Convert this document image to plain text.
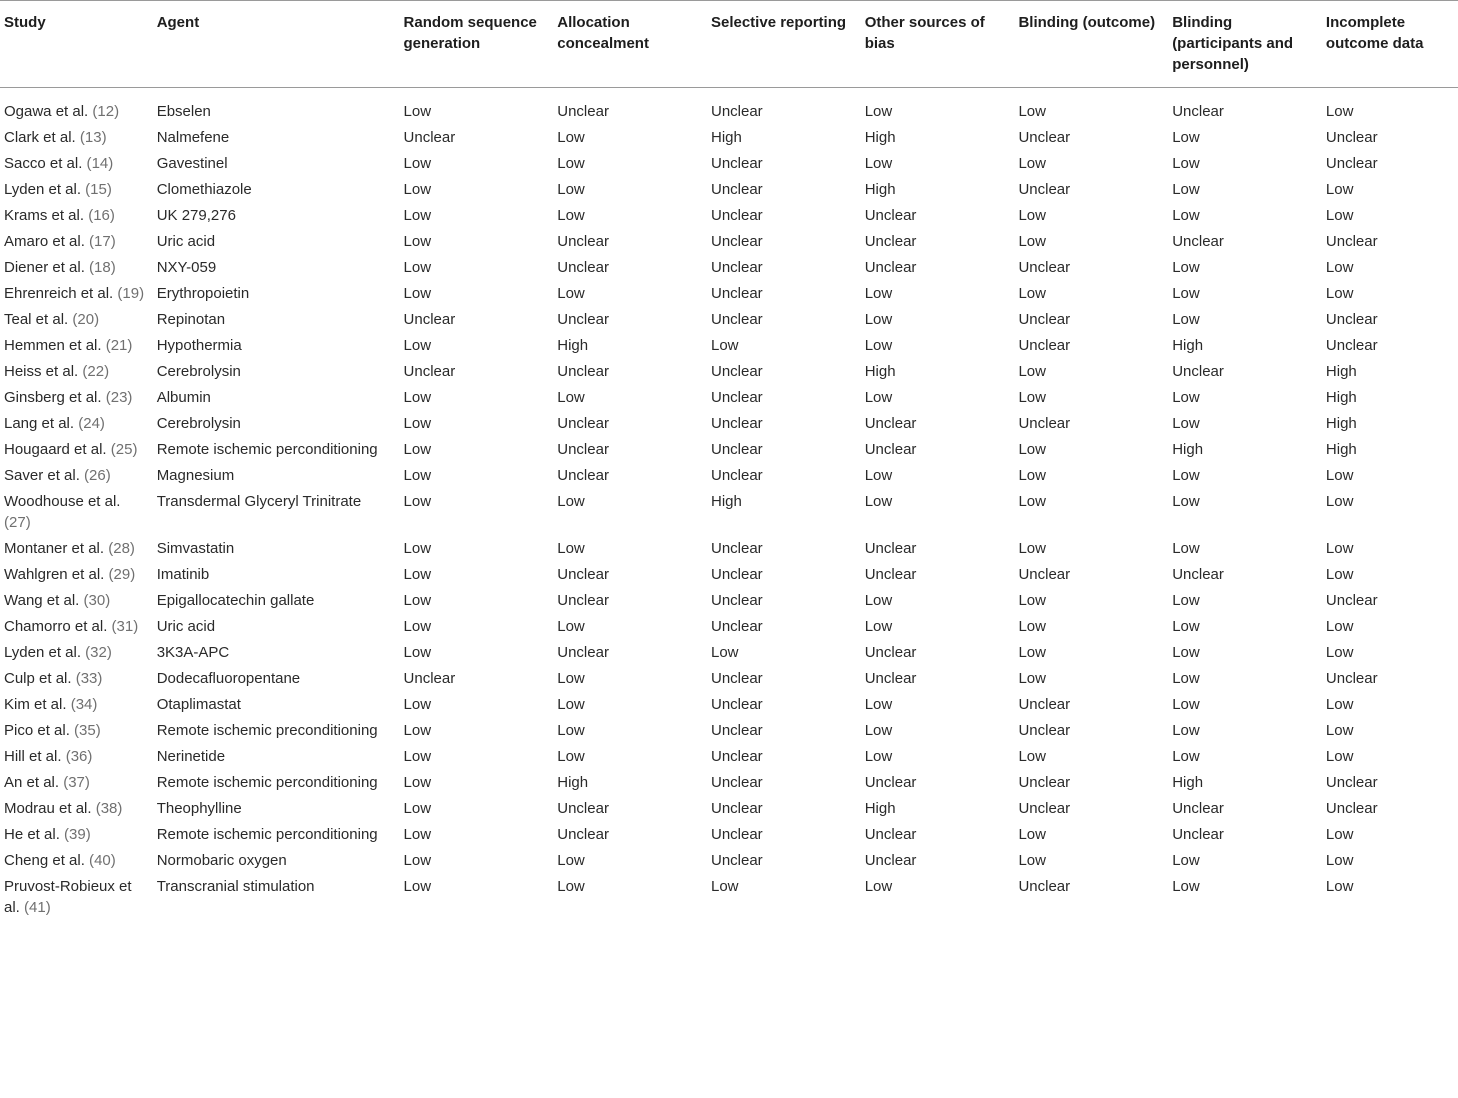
Study	Agent	Random sequence generation	Allocation concealment	Selective reporting	Other sources of bias	Blinding (outcome)	Blinding (participants and personnel)	Incomplete outcome data
Ogawa et al. (12)	Ebselen	Low	Unclear	Unclear	Low	Low	Unclear	Low
Clark et al. (13)	Nalmefene	Unclear	Low	High	High	Unclear	Low	Unclear
Sacco et al. (14)	Gavestinel	Low	Low	Unclear	Low	Low	Low	Unclear
Lyden et al. (15)	Clomethiazole	Low	Low	Unclear	High	Unclear	Low	Low
Krams et al. (16)	UK 279,276	Low	Low	Unclear	Unclear	Low	Low	Low
Amaro et al. (17)	Uric acid	Low	Unclear	Unclear	Unclear	Low	Unclear	Unclear
Diener et al. (18)	NXY-059	Low	Unclear	Unclear	Unclear	Unclear	Low	Low
Ehrenreich et al. (19)	Erythropoietin	Low	Low	Unclear	Low	Low	Low	Low
Teal et al. (20)	Repinotan	Unclear	Unclear	Unclear	Low	Unclear	Low	Unclear
Hemmen et al. (21)	Hypothermia	Low	High	Low	Low	Unclear	High	Unclear
Heiss et al. (22)	Cerebrolysin	Unclear	Unclear	Unclear	High	Low	Unclear	High
Ginsberg et al. (23)	Albumin	Low	Low	Unclear	Low	Low	Low	High
Lang et al. (24)	Cerebrolysin	Low	Unclear	Unclear	Unclear	Unclear	Low	High
Hougaard et al. (25)	Remote ischemic perconditioning	Low	Unclear	Unclear	Unclear	Low	High	High
Saver et al. (26)	Magnesium	Low	Unclear	Unclear	Low	Low	Low	Low
Woodhouse et al. (27)	Transdermal Glyceryl Trinitrate	Low	Low	High	Low	Low	Low	Low
Montaner et al. (28)	Simvastatin	Low	Low	Unclear	Unclear	Low	Low	Low
Wahlgren et al. (29)	Imatinib	Low	Unclear	Unclear	Unclear	Unclear	Unclear	Low
Wang et al. (30)	Epigallocatechin gallate	Low	Unclear	Unclear	Low	Low	Low	Unclear
Chamorro et al. (31)	Uric acid	Low	Low	Unclear	Low	Low	Low	Low
Lyden et al. (32)	3K3A-APC	Low	Unclear	Low	Unclear	Low	Low	Low
Culp et al. (33)	Dodecafluoropentane	Unclear	Low	Unclear	Unclear	Low	Low	Unclear
Kim et al. (34)	Otaplimastat	Low	Low	Unclear	Low	Unclear	Low	Low
Pico et al. (35)	Remote ischemic preconditioning	Low	Low	Unclear	Low	Unclear	Low	Low
Hill et al. (36)	Nerinetide	Low	Low	Unclear	Low	Low	Low	Low
An et al. (37)	Remote ischemic perconditioning	Low	High	Unclear	Unclear	Unclear	High	Unclear
Modrau et al. (38)	Theophylline	Low	Unclear	Unclear	High	Unclear	Unclear	Unclear
He et al. (39)	Remote ischemic perconditioning	Low	Unclear	Unclear	Unclear	Low	Unclear	Low
Cheng et al. (40)	Normobaric oxygen	Low	Low	Unclear	Unclear	Low	Low	Low
Pruvost-Robieux et al. (41)	Transcranial stimulation	Low	Low	Low	Low	Unclear	Low	Low
